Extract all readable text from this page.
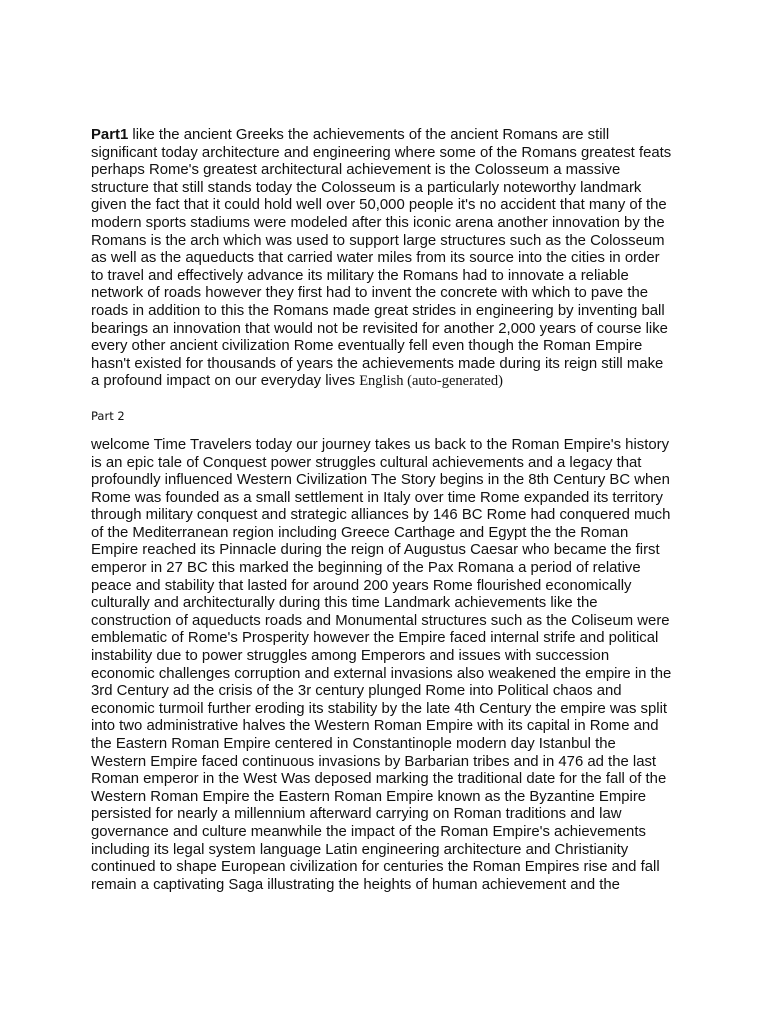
Part1 like the ancient Greeks the achievements of the ancient Romans are still
significant today architecture and engineering where some of the Romans greatest feats
perhaps Rome's greatest architectural achievement is the Colosseum a massive
structure that still stands today the Colosseum is a particularly noteworthy landmark
given the fact that it could hold well over 50,000 people it's no accident that many of the
modern sports stadiums were modeled after this iconic arena another innovation by the
Romans is the arch which was used to support large structures such as the Colosseum
as well as the aqueducts that carried water miles from its source into the cities in order
to travel and effectively advance its military the Romans had to innovate a reliable
network of roads however they first had to invent the concrete with which to pave the
roads in addition to this the Romans made great strides in engineering by inventing ball
bearings an innovation that would not be revisited for another 2,000 years of course like
every other ancient civilization Rome eventually fell even though the Roman Empire
hasn't existed for thousands of years the achievements made during its reign still make
a profound impact on our everyday lives English (auto-generated)

Part 2

welcome Time Travelers today our journey takes us back to the Roman Empire's history
is an epic tale of Conquest power struggles cultural achievements and a legacy that
profoundly influenced Western Civilization The Story begins in the 8th Century BC when
Rome was founded as a small settlement in Italy over time Rome expanded its territory
through military conquest and strategic alliances by 146 BC Rome had conquered much
of the Mediterranean region including Greece Carthage and Egypt the the Roman
Empire reached its Pinnacle during the reign of Augustus Caesar who became the first
emperor in 27 BC this marked the beginning of the Pax Romana a period of relative
peace and stability that lasted for around 200 years Rome flourished economically
culturally and architecturally during this time Landmark achievements like the
construction of aqueducts roads and Monumental structures such as the Coliseum were
emblematic of Rome's Prosperity however the Empire faced internal strife and political
instability due to power struggles among Emperors and issues with succession
economic challenges corruption and external invasions also weakened the empire in the
3rd Century ad the crisis of the 3r century plunged Rome into Political chaos and
economic turmoil further eroding its stability by the late 4th Century the empire was split
into two administrative halves the Western Roman Empire with its capital in Rome and
the Eastern Roman Empire centered in Constantinople modern day Istanbul the
Western Empire faced continuous invasions by Barbarian tribes and in 476 ad the last
Roman emperor in the West Was deposed marking the traditional date for the fall of the
Western Roman Empire the Eastern Roman Empire known as the Byzantine Empire
persisted for nearly a millennium afterward carrying on Roman traditions and law
governance and culture meanwhile the impact of the Roman Empire's achievements
including its legal system language Latin engineering architecture and Christianity
continued to shape European civilization for centuries the Roman Empires rise and fall
remain a captivating Saga illustrating the heights of human achievement and the
